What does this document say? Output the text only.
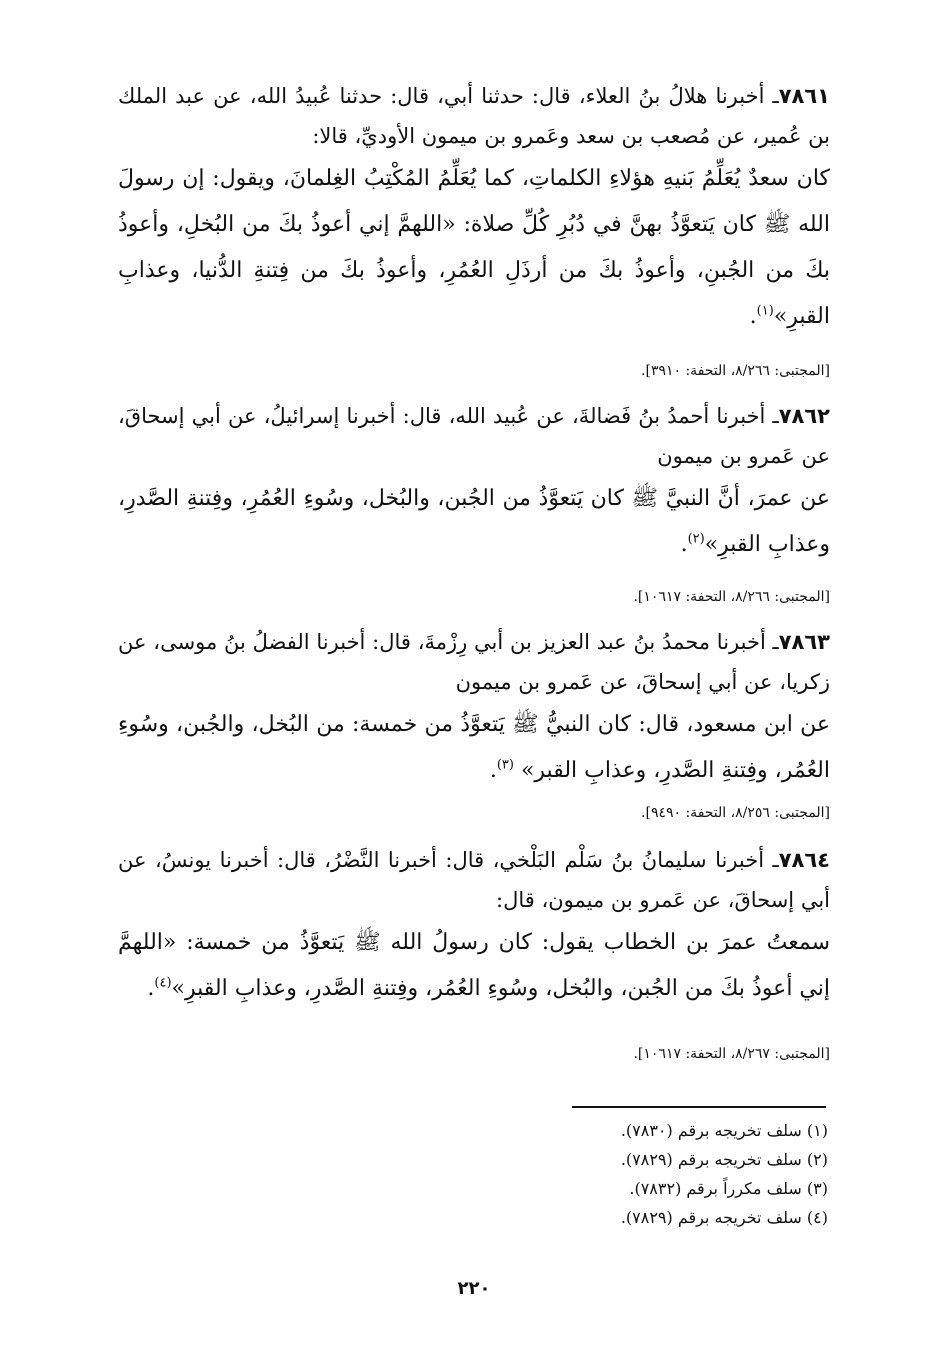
٧٨٦١ـ أخبرنا هلالُ بنُ العلاء، قال: حدثنا أبي، قال: حدثنا عُبيدُ الله، عن عبد الملك بن عُمير، عن مُصعب بن سعد وعَمرو بن ميمون الأوديِّ، قالا:

كان سعدٌ يُعَلِّمُ بَنيهِ هؤلاءِ الكلماتِ، كما يُعَلِّمُ المُكْتِبُ الغِلمانَ، ويقول: إن رسولَ الله ﷺ كان يَتعوَّذُ بهنَّ في دُبُرِ كُلِّ صلاة: «اللهمَّ إني أعوذُ بكَ من البُخلِ، وأعوذُ بكَ من الجُبنِ، وأعوذُ بكَ من أرذَلِ العُمُرِ، وأعوذُ بكَ من فِتنةِ الدُّنيا، وعذابِ القبرِ»$^{(١)}$.

[المجتبى: ٨/٢٦٦، التحفة: ٣٩١٠].

٧٨٦٢ـ أخبرنا أحمدُ بنُ فَضالةَ، عن عُبيد الله، قال: أخبرنا إسرائيلُ، عن أبي إسحاقَ، عن عَمرو بن ميمون

عن عمرَ، أنَّ النبيَّ ﷺ كان يَتعوَّذُ من الجُبن، والبُخل، وسُوءِ العُمُرِ، وفِتنةِ الصَّدرِ، وعذابِ القبرِ»$^{(٢)}$.

[المجتبى: ٨/٢٦٦، التحفة: ١٠٦١٧].

٧٨٦٣ـ أخبرنا محمدُ بنُ عبد العزيز بن أبي رِزْمةَ، قال: أخبرنا الفضلُ بنُ موسى، عن زكريا، عن أبي إسحاقَ، عن عَمرو بن ميمون

عن ابن مسعود، قال: كان النبيُّ ﷺ يَتعوَّذُ من خمسة: من البُخل، والجُبن، وسُوءِ العُمُر، وفِتنةِ الصَّدرِ، وعذابِ القبر» $^{(٣)}$.

[المجتبى: ٨/٢٥٦، التحفة: ٩٤٩٠].

٧٨٦٤ـ أخبرنا سليمانُ بنُ سَلْم البَلْخي، قال: أخبرنا النَّضْرُ، قال: أخبرنا يونسُ، عن أبي إسحاقَ، عن عَمرو بن ميمون، قال:

سمعتُ عمرَ بن الخطاب يقول: كان رسولُ الله ﷺ يَتعوَّذُ من خمسة: «اللهمَّ إني أعوذُ بكَ من الجُبن، والبُخل، وسُوءِ العُمُر، وفِتنةِ الصَّدرِ، وعذابِ القبرِ»$^{(٤)}$.

[المجتبى: ٨/٢٦٧، التحفة: ١٠٦١٧].

(١) سلف تخريجه برقم (٧٨٣٠).

(٢) سلف تخريجه برقم (٧٨٢٩).

(٣) سلف مكرراً برقم (٧٨٣٢).

(٤) سلف تخريجه برقم (٧٨٢٩).

٢٢٠
